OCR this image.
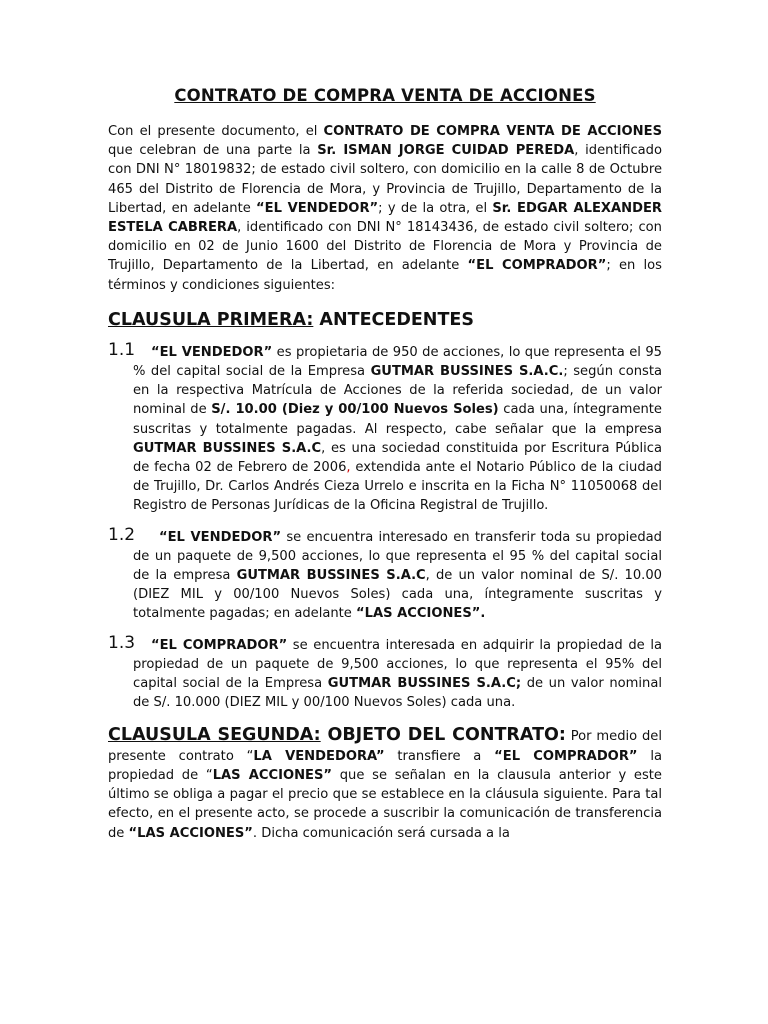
CONTRATO DE COMPRA VENTA DE ACCIONES

Con el presente documento, el CONTRATO DE COMPRA VENTA DE ACCIONES que celebran de una parte la Sr. ISMAN JORGE CUIDAD PEREDA, identificado con DNI N° 18019832; de estado civil soltero, con domicilio en la calle 8 de Octubre 465 del Distrito de Florencia de Mora, y Provincia de Trujillo, Departamento de la Libertad, en adelante “EL VENDEDOR”; y de la otra, el Sr. EDGAR ALEXANDER ESTELA CABRERA, identificado con DNI N° 18143436, de estado civil soltero; con domicilio en 02 de Junio 1600 del Distrito de Florencia de Mora y Provincia de Trujillo, Departamento de la Libertad, en adelante “EL COMPRADOR”; en los términos y condiciones siguientes:

CLAUSULA PRIMERA: ANTECEDENTES
1.1	“EL VENDEDOR” es propietaria de 950 de acciones, lo que representa el 95 % del capital social de la Empresa GUTMAR BUSSINES S.A.C.; según consta en la respectiva Matrícula de Acciones de la referida sociedad, de un valor nominal de S/. 10.00 (Diez y 00/100 Nuevos Soles) cada una, íntegramente suscritas y totalmente pagadas. Al respecto, cabe señalar que la empresa GUTMAR BUSSINES S.A.C, es una sociedad constituida por Escritura Pública de fecha 02 de Febrero de 2006, extendida ante el Notario Público de la ciudad de Trujillo, Dr. Carlos Andrés Cieza Urrelo e inscrita en la Ficha N° 11050068 del Registro de Personas Jurídicas de la Oficina Registral de Trujillo.

1.2	“EL VENDEDOR” se encuentra interesado en transferir toda su propiedad de un paquete de 9,500 acciones, lo que representa el 95 % del capital social de la empresa GUTMAR BUSSINES S.A.C, de un valor nominal de S/. 10.00 (DIEZ MIL y 00/100 Nuevos Soles) cada una, íntegramente suscritas y totalmente pagadas; en adelante “LAS ACCIONES”.

1.3	“EL COMPRADOR” se encuentra interesada en adquirir la propiedad de la propiedad de un paquete de 9,500 acciones, lo que representa el 95% del capital social de la Empresa GUTMAR BUSSINES S.A.C; de un valor nominal de S/. 10.000 (DIEZ MIL y 00/100 Nuevos Soles) cada una.

CLAUSULA SEGUNDA: OBJETO DEL CONTRATO: Por medio del presente contrato “LA VENDEDORA” transfiere a “EL COMPRADOR” la propiedad de “LAS ACCIONES” que se señalan en la clausula anterior y este último se obliga a pagar el precio que se establece en la cláusula siguiente. Para tal efecto, en el presente acto, se procede a suscribir la comunicación de transferencia de “LAS ACCIONES”. Dicha comunicación será cursada a la
